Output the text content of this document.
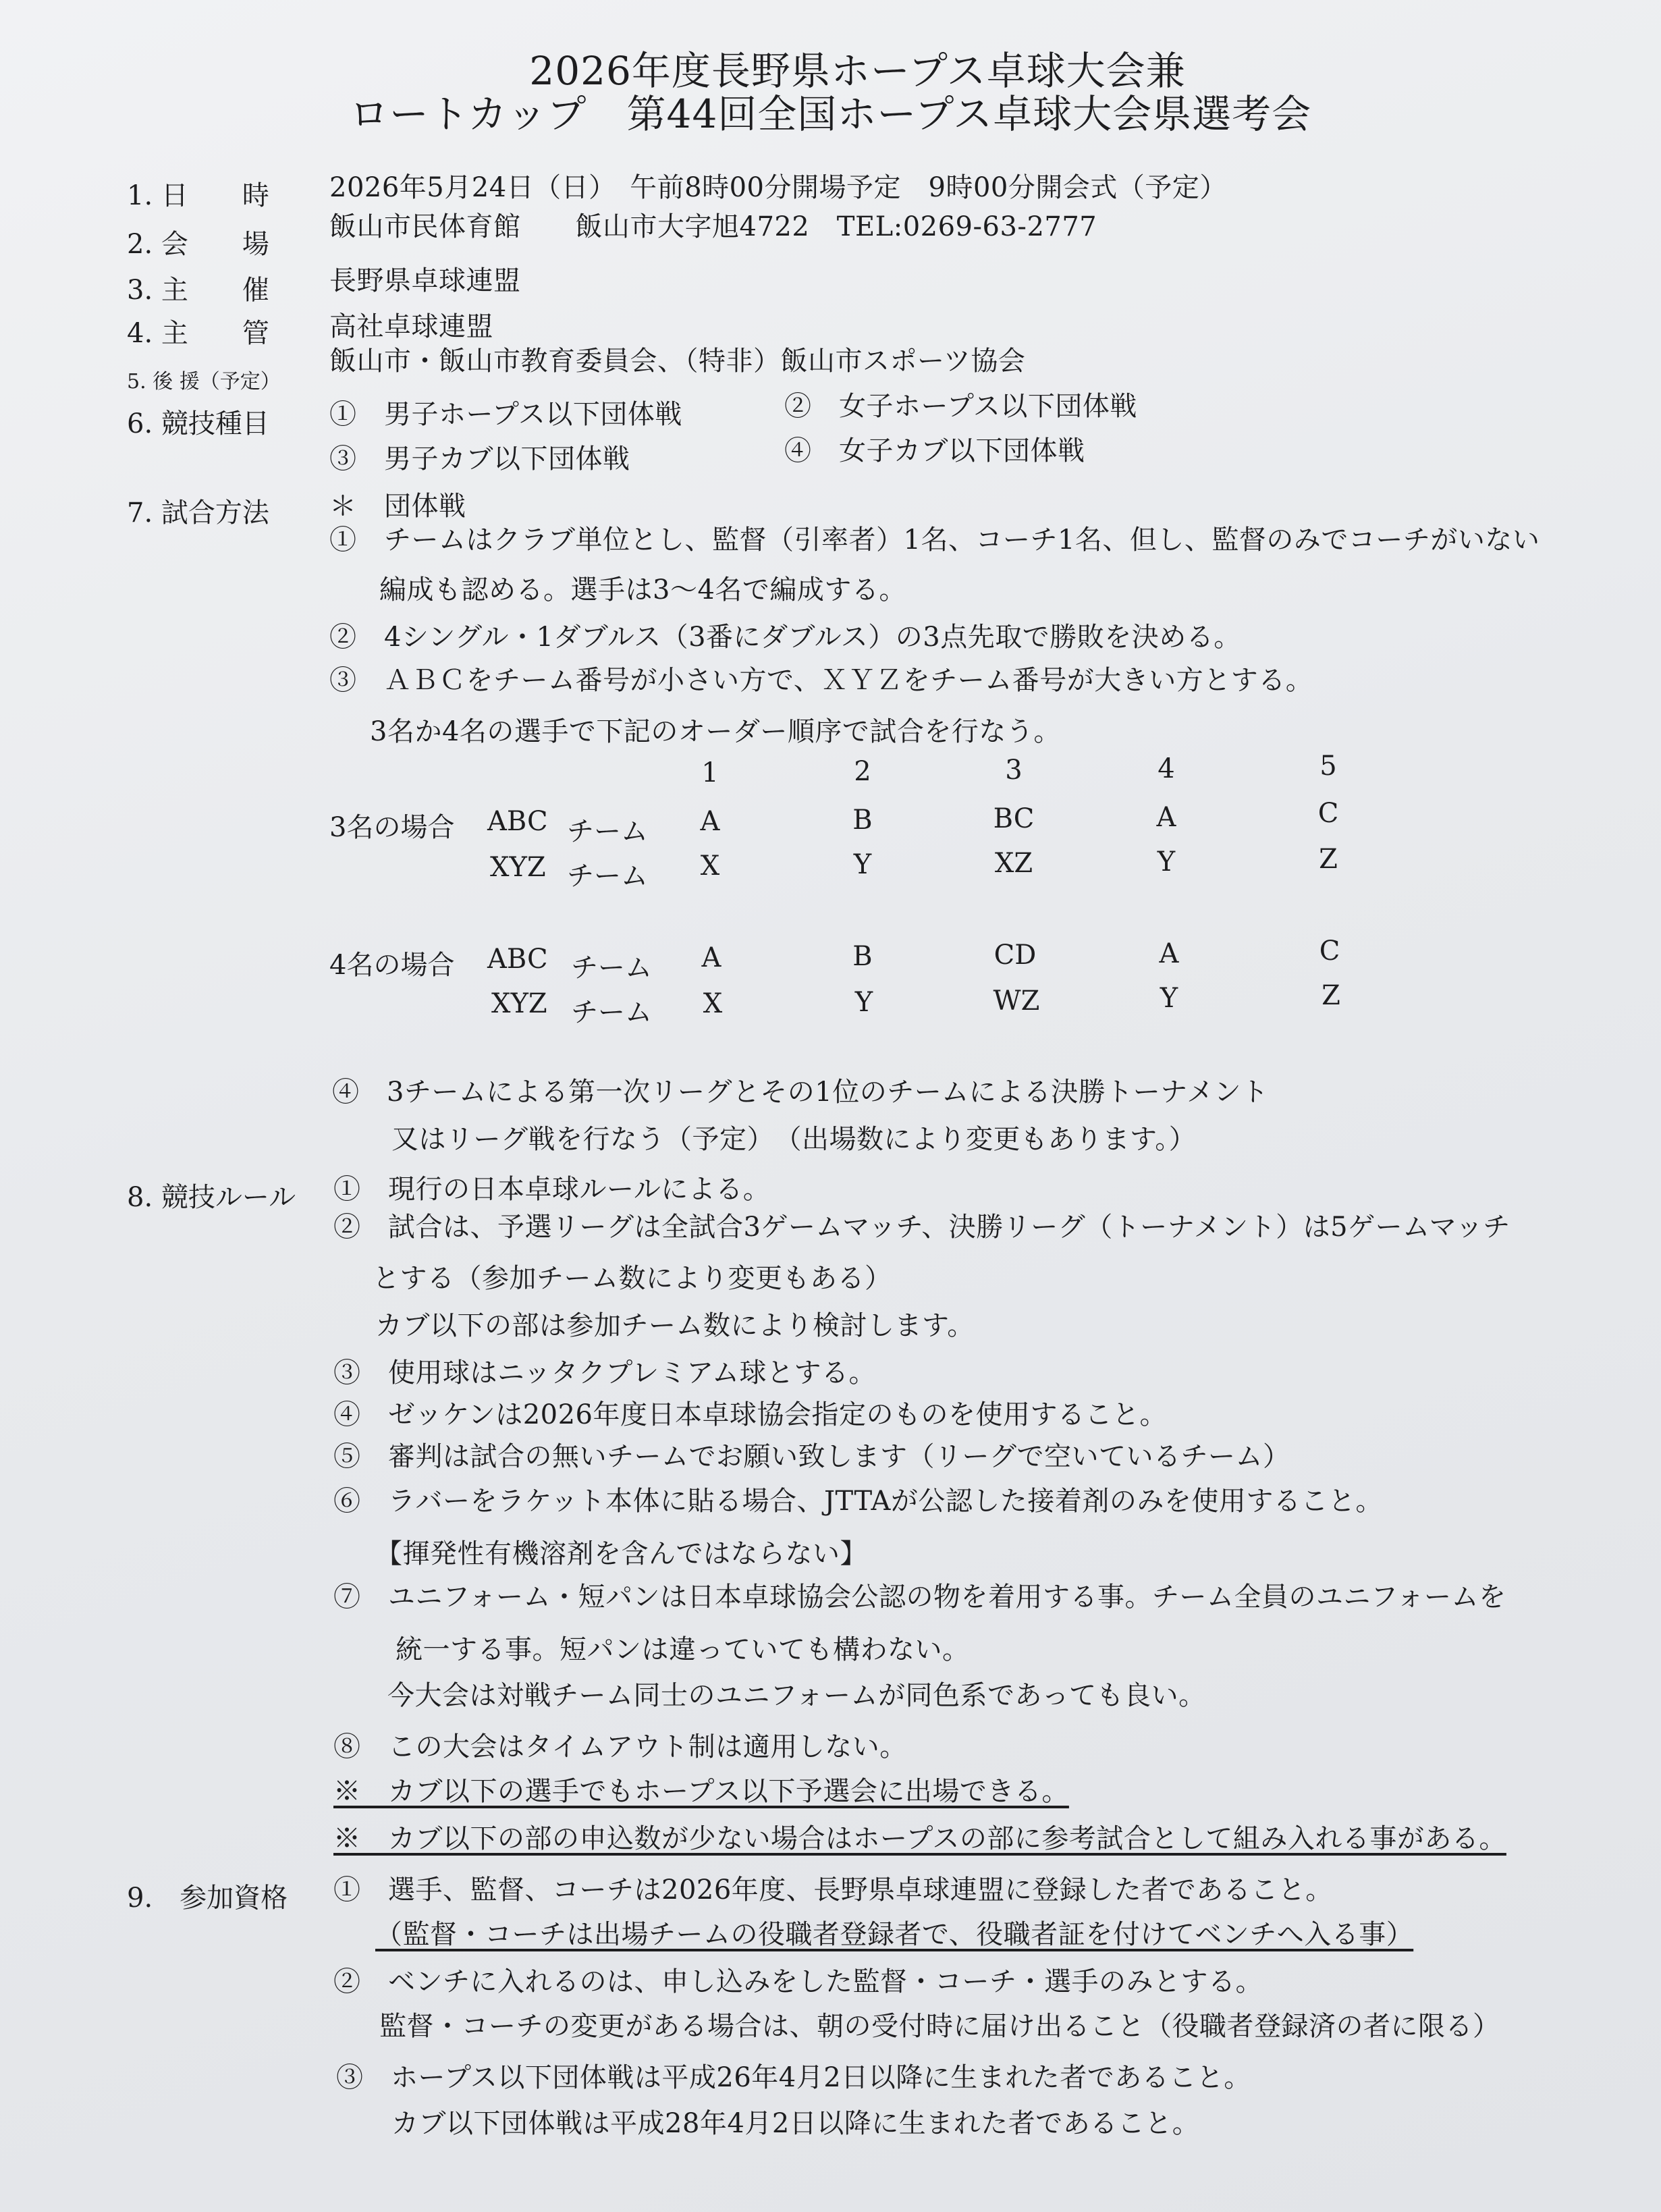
2026年度長野県ホープス卓球大会兼
ロートカップ　第44回全国ホープス卓球大会県選考会
1. 日　　時 2026年5月24日（日）　午前8時00分開場予定　9時00分開会式（予定）
2. 会　　場
飯山市民体育館　　飯山市大字旭4722　TEL:0269-63-2777
3. 主　　催 長野県卓球連盟
4. 主　　管 高社卓球連盟
5. 後 援（予定）
飯山市・飯山市教育委員会、（特非）飯山市スポーツ協会
6. 競技種目 ①　男子ホープス以下団体戦	②　女子ホープス以下団体戦
③　男子カブ以下団体戦	④　女子カブ以下団体戦
7. 試合方法 ＊　団体戦
①　チームはクラブ単位とし、監督（引率者）1名、コーチ1名、但し、監督のみでコーチがいない
編成も認める。選手は3～4名で編成する。
②　4シングル・1ダブルス（3番にダブルス）の3点先取で勝敗を決める。
③　ＡＢＣをチーム番号が小さい方で、ＸＹＺをチーム番号が大きい方とする。
3名か4名の選手で下記のオーダー順序で試合を行なう。
1	2	3	4	5
3名の場合 ABC チーム	A	B	BC	A	C
XYZ チーム	X	Y	XZ	Y	Z
4名の場合 ABC チーム	A	B	CD	A	C
XYZ チーム	X	Y	WZ	Y	Z
④　3チームによる第一次リーグとその1位のチームによる決勝トーナメント
又はリーグ戦を行なう（予定）　（出場数により変更もあります。）
8. 競技ルール ①　現行の日本卓球ルールによる。
②　試合は、予選リーグは全試合3ゲームマッチ、決勝リーグ（トーナメント）は5ゲームマッチ
とする（参加チーム数により変更もある）
カブ以下の部は参加チーム数により検討します。
③　使用球はニッタクプレミアム球とする。
④　ゼッケンは2026年度日本卓球協会指定のものを使用すること。
⑤　審判は試合の無いチームでお願い致します（リーグで空いているチーム）
⑥　ラバーをラケット本体に貼る場合、JTTAが公認した接着剤のみを使用すること。
【揮発性有機溶剤を含んではならない】
⑦　ユニフォーム・短パンは日本卓球協会公認の物を着用する事。チーム全員のユニフォームを
統一する事。短パンは違っていても構わない。
今大会は対戦チーム同士のユニフォームが同色系であっても良い。
⑧　この大会はタイムアウト制は適用しない。
※　カブ以下の選手でもホープス以下予選会に出場できる。
※　カブ以下の部の申込数が少ない場合はホープスの部に参考試合として組み入れる事がある。
9.　参加資格 ①　選手、監督、コーチは2026年度、長野県卓球連盟に登録した者であること。
（監督・コーチは出場チームの役職者登録者で、役職者証を付けてベンチへ入る事）
②　ベンチに入れるのは、申し込みをした監督・コーチ・選手のみとする。
監督・コーチの変更がある場合は、朝の受付時に届け出ること（役職者登録済の者に限る）
③　ホープス以下団体戦は平成26年4月2日以降に生まれた者であること。
カブ以下団体戦は平成28年4月2日以降に生まれた者であること。
